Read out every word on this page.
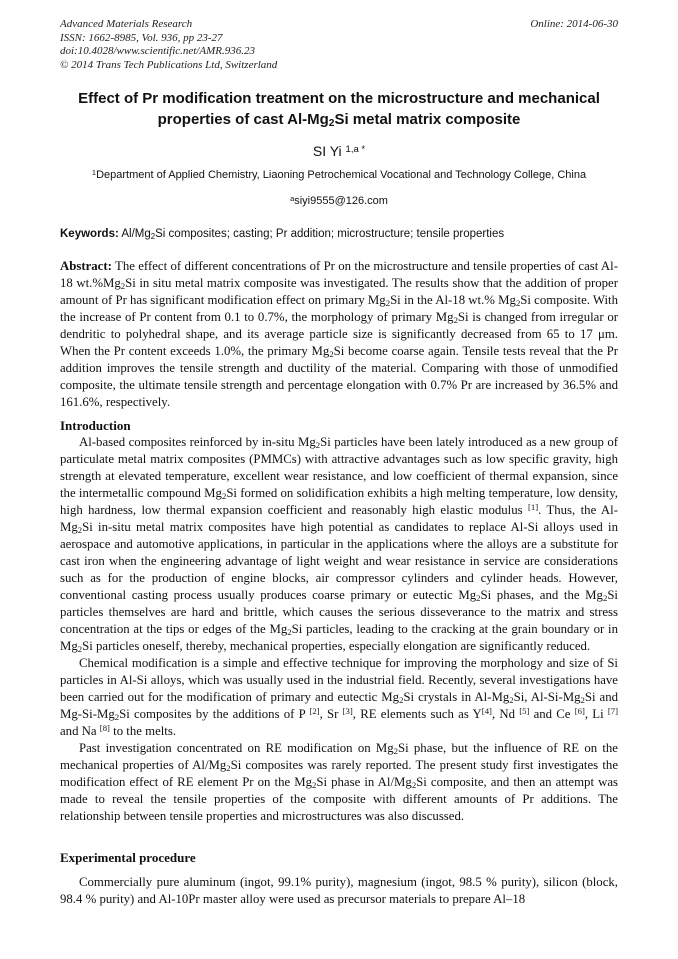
Advanced Materials Research
ISSN: 1662-8985, Vol. 936, pp 23-27
doi:10.4028/www.scientific.net/AMR.936.23
© 2014 Trans Tech Publications Ltd, Switzerland
Online: 2014-06-30
Effect of Pr modification treatment on the microstructure and mechanical properties of cast $Al-Mg_2Si$ metal matrix composite
SI Yi $^{1,a *}$
$^1$Department of Applied Chemistry, Liaoning Petrochemical Vocational and Technology College, China
$^a$siyi9555@126.com

Keywords: $Al/Mg_2Si$ composites; casting; Pr addition; microstructure; tensile properties

Abstract: The effect of different concentrations of Pr on the microstructure and tensile properties of cast Al-18 $wt.\%Mg_2Si$ in situ metal matrix composite was investigated. The results show that the addition of proper amount of Pr has significant modification effect on primary $Mg_2Si$ in the Al-18 wt.% $Mg_2Si$ composite. With the increase of Pr content from 0.1 to 0.7%, the morphology of primary $Mg_2Si$ is changed from irregular or dendritic to polyhedral shape, and its average particle size is significantly decreased from 65 to 17 μm. When the Pr content exceeds 1.0%, the primary $Mg_2Si$ become coarse again. Tensile tests reveal that the Pr addition improves the tensile strength and ductility of the material. Comparing with those of unmodified composite, the ultimate tensile strength and percentage elongation with 0.7% Pr are increased by 36.5% and 161.6%, respectively.

Introduction

Al-based composites reinforced by in-situ $Mg_2Si$ particles have been lately introduced as a new group of particulate metal matrix composites (PMMCs) with attractive advantages such as low specific gravity, high strength at elevated temperature, excellent wear resistance, and low coefficient of thermal expansion, since the intermetallic compound $Mg_2Si$ formed on solidification exhibits a high melting temperature, low density, high hardness, low thermal expansion coefficient and reasonably high elastic modulus [1]. Thus, the $Al-Mg_2Si$ in-situ metal matrix composites have high potential as candidates to replace Al-Si alloys used in aerospace and automotive applications, in particular in the applications where the alloys are a substitute for cast iron when the engineering advantage of light weight and wear resistance in service are considerations such as for the production of engine blocks, air compressor cylinders and cylinder heads. However, conventional casting process usually produces coarse primary or eutectic $Mg_2Si$ phases, and the $Mg_2Si$ particles themselves are hard and brittle, which causes the serious disseverance to the matrix and stress concentration at the tips or edges of the $Mg_2Si$ particles, leading to the cracking at the grain boundary or in $Mg_2Si$ particles oneself, thereby, mechanical properties, especially elongation are significantly reduced.

Chemical modification is a simple and effective technique for improving the morphology and size of Si particles in Al-Si alloys, which was usually used in the industrial field. Recently, several investigations have been carried out for the modification of primary and eutectic $Mg_2Si$ crystals in $Al-Mg_2Si$, $Al-Si-Mg_2Si$ and $Mg-Si-Mg_2Si$ composites by the additions of P [2], Sr [3], RE elements such as Y[4], Nd [5] and Ce [6], Li [7] and Na [8] to the melts.

Past investigation concentrated on RE modification on $Mg_2Si$ phase, but the influence of RE on the mechanical properties of $Al/Mg_2Si$ composites was rarely reported. The present study first investigates the modification effect of RE element Pr on the $Mg_2Si$ phase in $Al/Mg_2Si$ composite, and then an attempt was made to reveal the tensile properties of the composite with different amounts of Pr additions. The relationship between tensile properties and microstructures was also discussed.

Experimental procedure

Commercially pure aluminum (ingot, 99.1% purity), magnesium (ingot, 98.5 % purity), silicon (block, 98.4 % purity) and Al-10Pr master alloy were used as precursor materials to prepare Al–18
